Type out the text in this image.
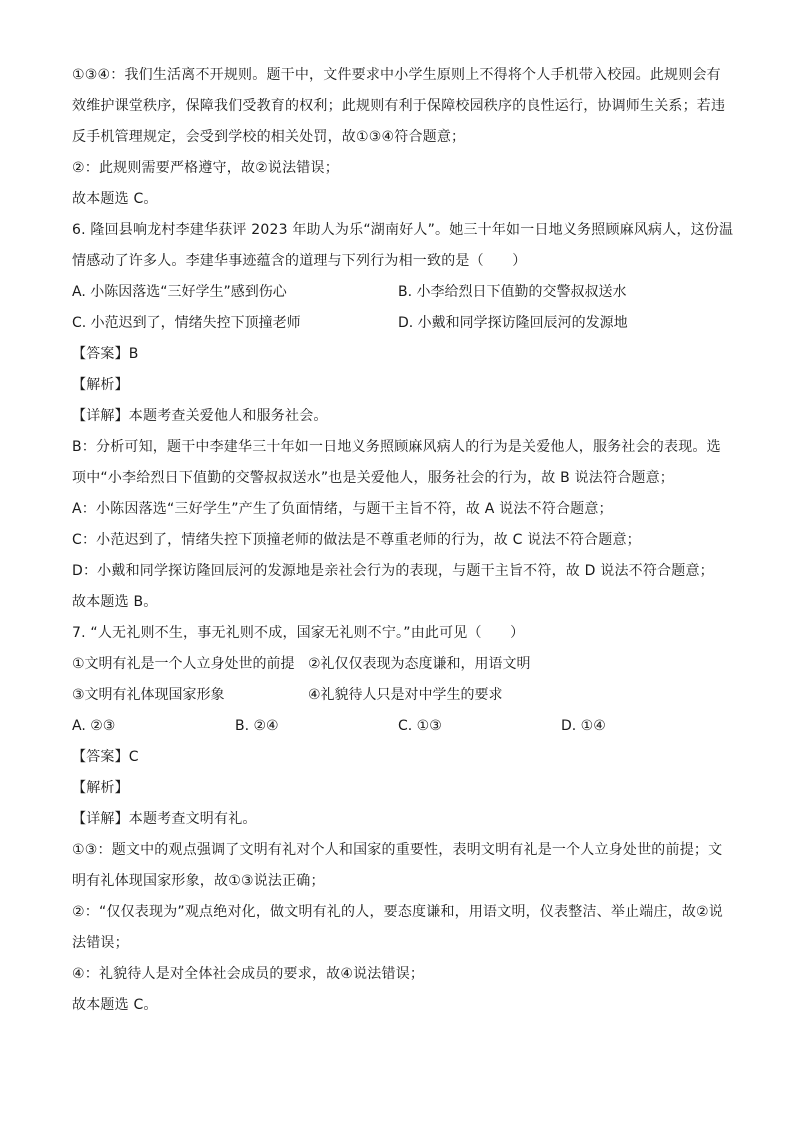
①③④：我们生活离不开规则。题干中，文件要求中小学生原则上不得将个人手机带入校园。此规则会有
效维护课堂秩序，保障我们受教育的权利；此规则有利于保障校园秩序的良性运行，协调师生关系；若违
反手机管理规定，会受到学校的相关处罚，故①③④符合题意；
②：此规则需要严格遵守，故②说法错误；
故本题选 C。
6. 隆回县响龙村李建华获评 2023 年助人为乐“湖南好人”。她三十年如一日地义务照顾麻风病人，这份温
情感动了许多人。李建华事迹蕴含的道理与下列行为相一致的是（　　）
A. 小陈因落选“三好学生”感到伤心	B. 小李给烈日下值勤的交警叔叔送水
C. 小范迟到了，情绪失控下顶撞老师	D. 小戴和同学探访隆回辰河的发源地
【答案】B
【解析】
【详解】本题考查关爱他人和服务社会。
B：分析可知，题干中李建华三十年如一日地义务照顾麻风病人的行为是关爱他人，服务社会的表现。选
项中“小李给烈日下值勤的交警叔叔送水”也是关爱他人，服务社会的行为，故 B 说法符合题意；
A：小陈因落选“三好学生”产生了负面情绪，与题干主旨不符，故 A 说法不符合题意；
C：小范迟到了，情绪失控下顶撞老师的做法是不尊重老师的行为，故 C 说法不符合题意；
D：小戴和同学探访隆回辰河的发源地是亲社会行为的表现，与题干主旨不符，故 D 说法不符合题意；
故本题选 B。
7. “人无礼则不生，事无礼则不成，国家无礼则不宁。”由此可见（　　）
①文明有礼是一个人立身处世的前提 ②礼仅仅表现为态度谦和，用语文明
③文明有礼体现国家形象	④礼貌待人只是对中学生的要求
A. ②③	B. ②④	C. ①③	D. ①④
【答案】C
【解析】
【详解】本题考查文明有礼。
①③：题文中的观点强调了文明有礼对个人和国家的重要性，表明文明有礼是一个人立身处世的前提；文
明有礼体现国家形象，故①③说法正确；
②：“仅仅表现为”观点绝对化，做文明有礼的人，要态度谦和，用语文明，仪表整洁、举止端庄，故②说
法错误；
④：礼貌待人是对全体社会成员的要求，故④说法错误；
故本题选 C。
